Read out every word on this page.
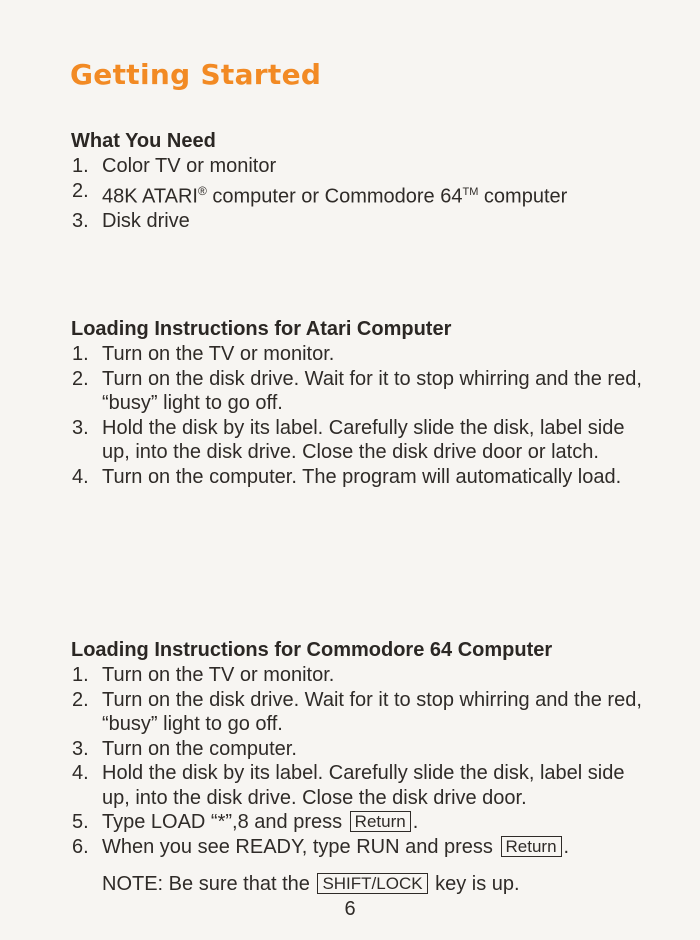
Getting Started
What You Need
1. Color TV or monitor
2. 48K ATARI® computer or Commodore 64™ computer
3. Disk drive
Loading Instructions for Atari Computer
1. Turn on the TV or monitor.
2. Turn on the disk drive. Wait for it to stop whirring and the red, “busy” light to go off.
3. Hold the disk by its label. Carefully slide the disk, label side up, into the disk drive. Close the disk drive door or latch.
4. Turn on the computer. The program will automatically load.
Loading Instructions for Commodore 64 Computer
1. Turn on the TV or monitor.
2. Turn on the disk drive. Wait for it to stop whirring and the red, “busy” light to go off.
3. Turn on the computer.
4. Hold the disk by its label. Carefully slide the disk, label side up, into the disk drive. Close the disk drive door.
5. Type LOAD “*”,8 and press Return .
6. When you see READY, type RUN and press Return .
NOTE: Be sure that the SHIFT/LOCK key is up.
6
